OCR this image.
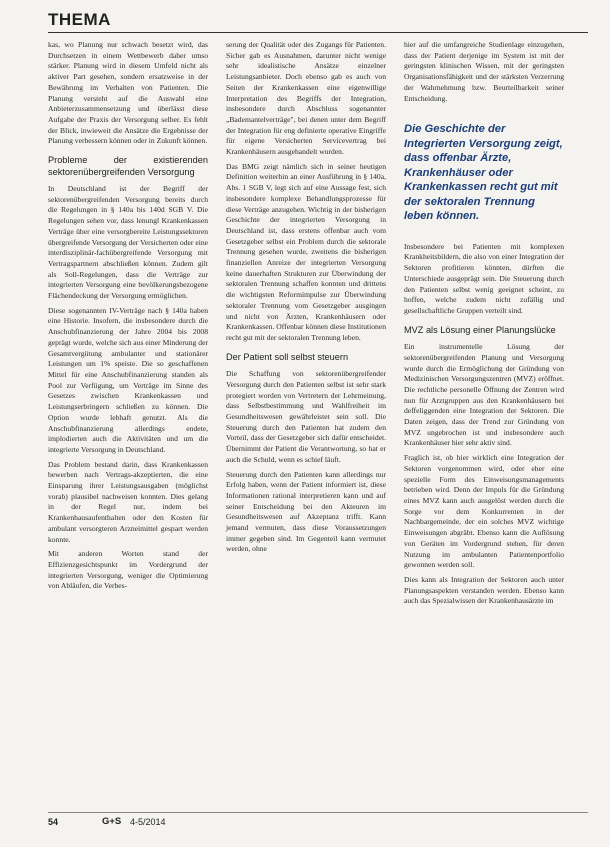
THEMA

kas, wo Planung nur schwach besetzt wird, das Durchsetzen in einem Wettbewerb daher umso stärker. Planung wird in diesem Umfeld nicht als aktiver Part gesehen, sondern ersatzweise in der Bewährung im Verhalten von Patienten. Die Planung versteht auf die Auswahl eine Anbieterzusammensetzung und überlässt diese Aufgabe der Praxis der Versorgung selber. Es fehlt der Blick, inwieweit die Ansätze die Ergebnisse der Planung verbessern können oder in Zukunft können.

Probleme der existierenden sektorenübergreifenden Versorgung

In Deutschland ist der Begriff der sektorenübergreifenden Versorgung bereits durch die Regelungen in § 140a bis 140d SGB V. Die Regelungen sehen vor, dass lenungl Krankenkassen Verträge über eine versorgbereite Leistungssektoren übergreifende Versorgung der Versicherten oder eine interdisziplinär-fachübergreifende Versorgung mit Vertragspartnern abschließen können. Zudem gilt als Soll-Regelungen, dass die Verträge zur integrierten Versorgung eine bevölkerungsbezogene Flächendeckung der Versorgung ermöglichen.

Diese sogenannten IV-Verträge nach § 140a haben eine Historie. Insofern, die insbesondere durch die Anschubfinanzierung der Jahre 2004 bis 2008 geprägt wurde, welche sich aus einer Minderung der Gesamtvergütung ambulanter und stationärer Leistungen um 1% speiste. Die so geschaffenen Mittel für eine Anschubfinanzierung standen als Pool zur Verfügung, um Verträge im Sinne des Gesetzes zwischen Krankenkassen und Leistungserbringern schließen zu können. Die Option wurde lebhaft genutzt. Als die Anschubfinanzierung allerdings endete, implodierten auch die Aktivitäten und um die integrierte Versorgung in Deutschland.

Das Problem bestand darin, dass Krankenkassen bewerben nach Vertrags-akzeptierten, die eine Einsparung ihrer Leistungsausgaben (möglichst vorab) plausibel nachweisen konnten. Dies gelang in der Regel nur, indem bei Krankenhausaufenthalten oder den Kosten für ambulant versorgteren Arzneimittel gespart werden konnte.

Mit anderen Worten stand der Effizienzgesichtspunkt im Vordergrund der integrierten Versorgung, weniger die Optimierung von Abläufen, die Verbes-

serung der Qualität oder des Zugangs für Patienten. Sicher gab es Ausnahmen, darunter nicht wenige sehr idealistische Ansätze einzelner Leistungsanbieter. Doch ebenso gab es auch von Seiten der Krankenkassen eine eigenwillige Interpretation des Begriffs der Integration, insbesondere durch Abschluss sogenannter „Bademantelverträge", bei denen unter dem Begriff der Integration für eng definierte operative Eingriffe für eigene Versicherten Servicevertrag bei Krankenhäusern ausgehandelt wurden.

Das BMG zeigt nämlich sich in seiner heutigen Definition weiterhin an einer Ausführung in § 140a, Abs. 1 SGB V, legt sich auf eine Aussage fest, sich insbesondere komplexe Behandlungsprozesse für diese Verträge anzugehen. Wichtig in der bisherigen Geschichte der integrierten Versorgung in Deutschland ist, dass erstens offenbar auch vom Gesetzgeber selbst ein Problem durch die sektorale Trennung gesehen wurde, zweitens die bisherigen finanziellen Anreize der integrierten Versorgung keine dauerhaften Strukturen zur Überwindung der sektoralen Trennung schaffen konnten und drittens die wichtigsten Reformimpulse zur Überwindung sektoraler Trennung vom Gesetzgeber ausgingen und nicht von Ärzten, Krankenhäusern oder Krankenkassen. Offenbar können diese Institutionen recht gut mit der sektoralen Trennung leben.

Der Patient soll selbst steuern

Die Schaffung von sektorenübergreifender Versorgung durch den Patienten selbst ist sehr stark protegiert worden von Vertretern der Lehrmeinung, dass Selbstbestimmung und Wahlfreiheit im Gesundheitswesen gewährleistet sein soll. Die Steuerung durch den Patienten hat zudem den Vorteil, dass der Gesetzgeber sich dafür entscheidet. Übernimmt der Patient die Verantwortung, so hat er auch die Schuld, wenn es schief läuft.

Steuerung durch den Patienten kann allerdings nur Erfolg haben, wenn der Patient informiert ist, diese Informationen rational interpretieren kann und auf seiner Entscheidung bei den Akteuren im Gesundheitswesen auf Akzeptanz trifft. Kann jemand vermuten, dass diese Voraussetzungen immer gegeben sind. Im Gegenteil kann vermutet werden, ohne

hier auf die umfangreiche Studienlage einzugehen, dass der Patient derjenige im System ist mit der geringsten klinischen Wissen, mit der geringsten Organisationsfähigkeit und der stärksten Verzerrung der Wahrnehmung bzw. Beurteilbarkeit seiner Entscheidung.

Die Geschichte der Integrierten Versorgung zeigt, dass offenbar Ärzte, Krankenhäuser oder Krankenkassen recht gut mit der sektoralen Trennung leben können.

Insbesondere bei Patienten mit komplexen Krankheitsbildern, die also von einer Integration der Sektoren profitieren könnten, dürften die Unterschiede ausgeprägt sein. Die Steuerung durch den Patienten selbst wenig geeignet scheint, zu hoffen, welche zudem nicht zufällig und gesellschaftliche Gruppen verteilt sind.

MVZ als Lösung einer Planungslücke

Ein instrumentelle Lösung der sektorenübergreifenden Planung und Versorgung wurde durch die Ermöglichung der Gründung von Medizinischen Versorgungszentren (MVZ) eröffnet. Die rechtliche personelle Öffnung der Zentren wird nun für Arztgruppen aus den Krankenhäusern bei deffeliggenden eine Integration der Sektoren. Die Daten zeigen, dass der Trend zur Gründung von MVZ ungebrochen ist und insbesondere auch Krankenhäuser hier sehr aktiv sind.

Fraglich ist, ob hier wirklich eine Integration der Sektoren vorgenommen wird, oder eher eine spezielle Form des Einweisungsmanagements betrieben wird. Denn der Impuls für die Gründung eines MVZ kann auch ausgelöst werden durch die Sorge vor dem Konkurrenten in der Nachbargemeinde, der ein solches MVZ wichtige Einweisungen abgräbt. Ebenso kann die Auflösung von Geräten im Vordergrund stehen, für deren Nutzung im ambulanten Patientenportfolio gewonnen werden soll.

Dies kann als Integration der Sektoren auch unter Planungsaspekten verstanden werden. Ebenso kann auch das Spezialwissen der Krankenhausärzte im

54	G+S 4-5/2014
